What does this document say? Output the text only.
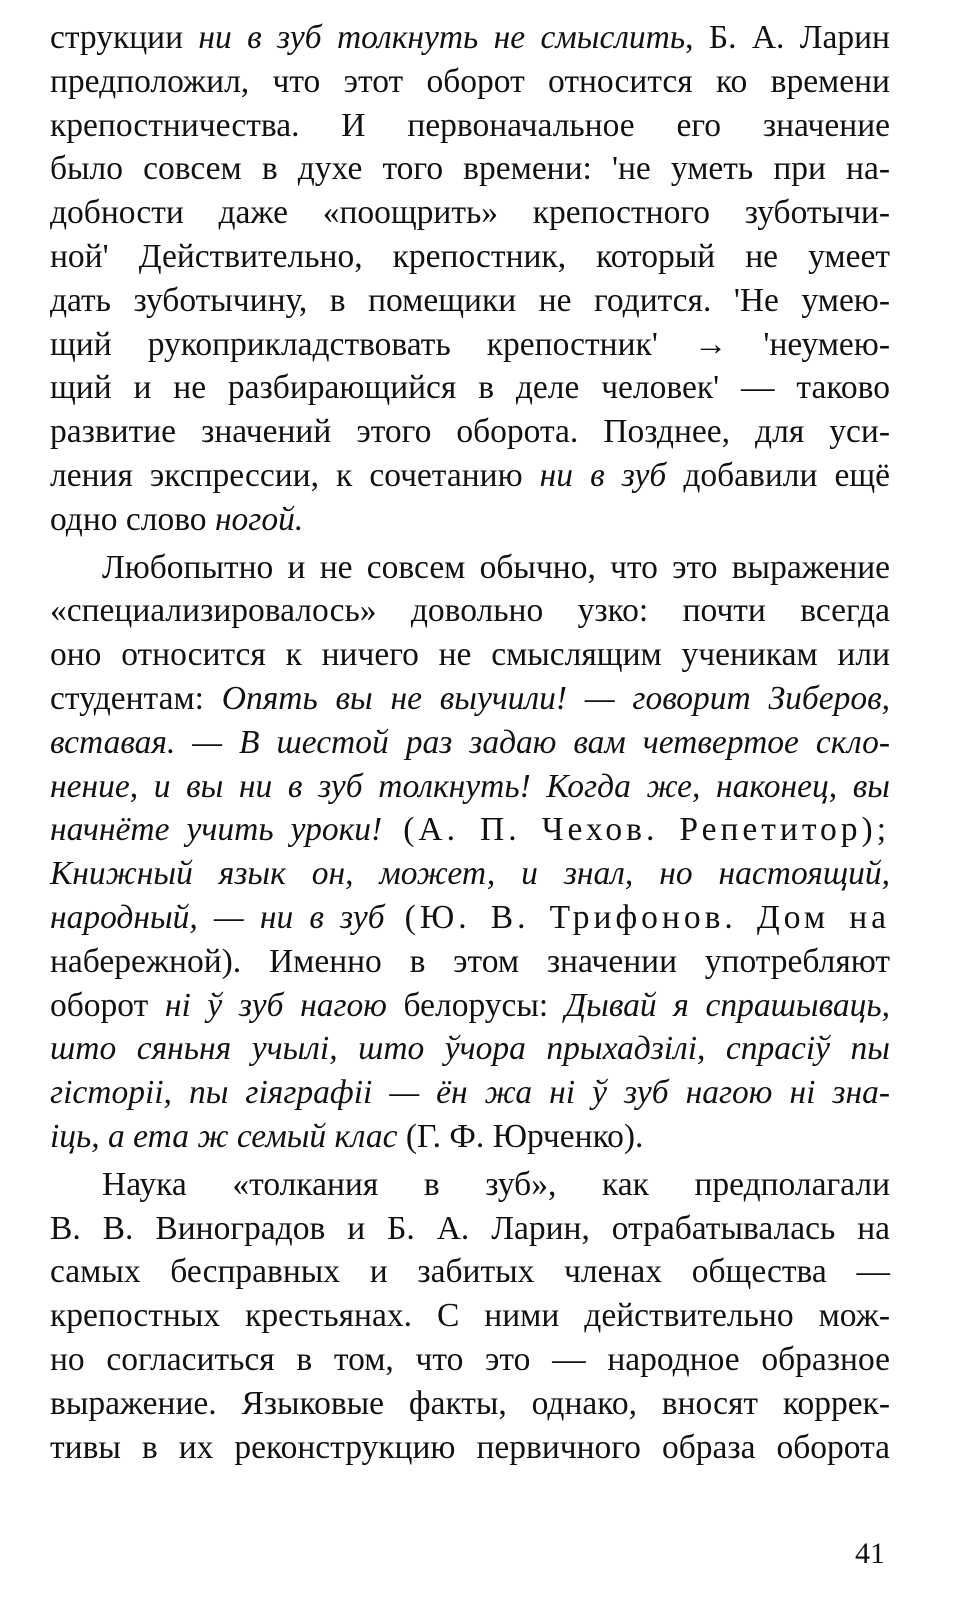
струкции ни в зуб толкнуть не смыслить, Б. А. Ларин
предположил, что этот оборот относится ко времени
крепостничества. И первоначальное его значение
было совсем в духе того времени: 'не уметь при на-
добности даже «поощрить» крепостного зуботычи-
ной' Действительно, крепостник, который не умеет
дать зуботычину, в помещики не годится. 'Не умею-
щий рукоприкладствовать крепостник' → 'неумею-
щий и не разбирающийся в деле человек' — таково
развитие значений этого оборота. Позднее, для уси-
ления экспрессии, к сочетанию ни в зуб добавили ещё
одно слово ногой.

Любопытно и не совсем обычно, что это выражение
«специализировалось» довольно узко: почти всегда
оно относится к ничего не смыслящим ученикам или
студентам: Опять вы не выучили! — говорит Зиберов,
вставая. — В шестой раз задаю вам четвертое скло-
нение, и вы ни в зуб толкнуть! Когда же, наконец, вы
начнёте учить уроки! (А. П. Чехов. Репетитор);
Книжный язык он, может, и знал, но настоящий,
народный, — ни в зуб (Ю. В. Трифонов. Дом на
набережной). Именно в этом значении употребляют
оборот ні ў зуб нагою белорусы: Дывай я спрашываць,
што сяньня учылі, што ўчора прыхадзілі, спрасіў пы
гісторіі, пы гіяграфіі — ён жа ні ў зуб нагою ні зна-
іць, а ета ж семый клас (Г. Ф. Юрченко).

Наука «толкания в зуб», как предполагали
В. В. Виноградов и Б. А. Ларин, отрабатывалась на
самых бесправных и забитых членах общества —
крепостных крестьянах. С ними действительно мож-
но согласиться в том, что это — народное образное
выражение. Языковые факты, однако, вносят коррек-
тивы в их реконструкцию первичного образа оборота

41
